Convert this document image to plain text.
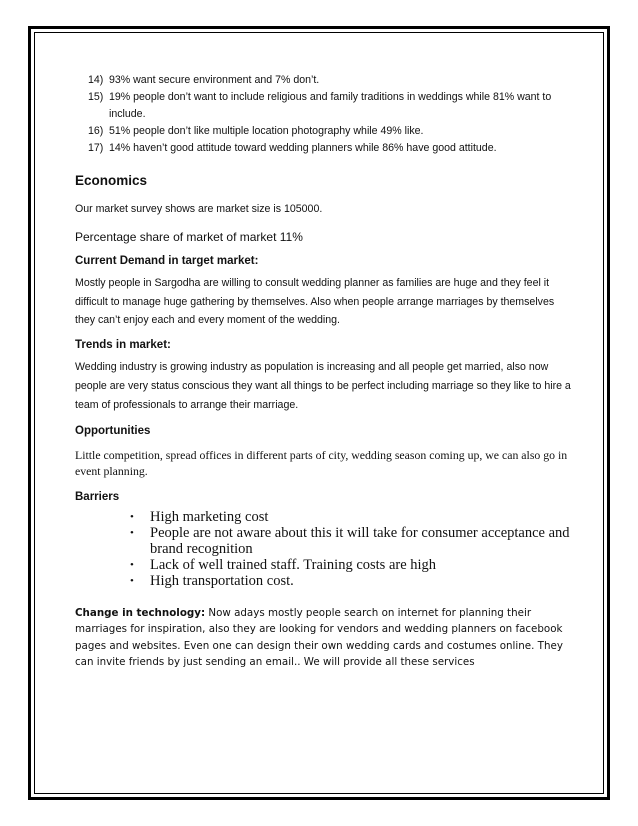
14) 93% want secure environment and 7% don’t.
15) 19% people don’t want to include religious and family traditions in weddings while 81% want to include.
16) 51% people don’t like multiple location photography while 49% like.
17) 14% haven’t good attitude toward wedding planners while 86% have good attitude.
Economics

Our market survey shows are market size is 105000.

Percentage share of market of market 11%

Current Demand in target market:

Mostly people in Sargodha are willing to consult wedding planner as families are huge and they feel it difficult to manage huge gathering by themselves. Also when people arrange marriages by themselves they can’t enjoy each and every moment of the wedding.

Trends in market:

Wedding industry is growing industry as population is increasing and all people get married, also now people are very status conscious they want all things to be perfect including marriage so they like to hire a team of professionals to arrange their marriage.

Opportunities

Little competition, spread offices in different parts of city, wedding season coming up, we can also go in event planning.

Barriers
• High marketing cost
• People are not aware about this it will take for consumer acceptance and brand recognition
• Lack of well trained staff. Training costs are high
• High transportation cost.

Change in technology: Now adays mostly people search on internet for planning their marriages for inspiration, also they are looking for vendors and wedding planners on facebook pages and websites. Even one can design their own wedding cards and costumes online. They can invite friends by just sending an email.. We will provide all these services
